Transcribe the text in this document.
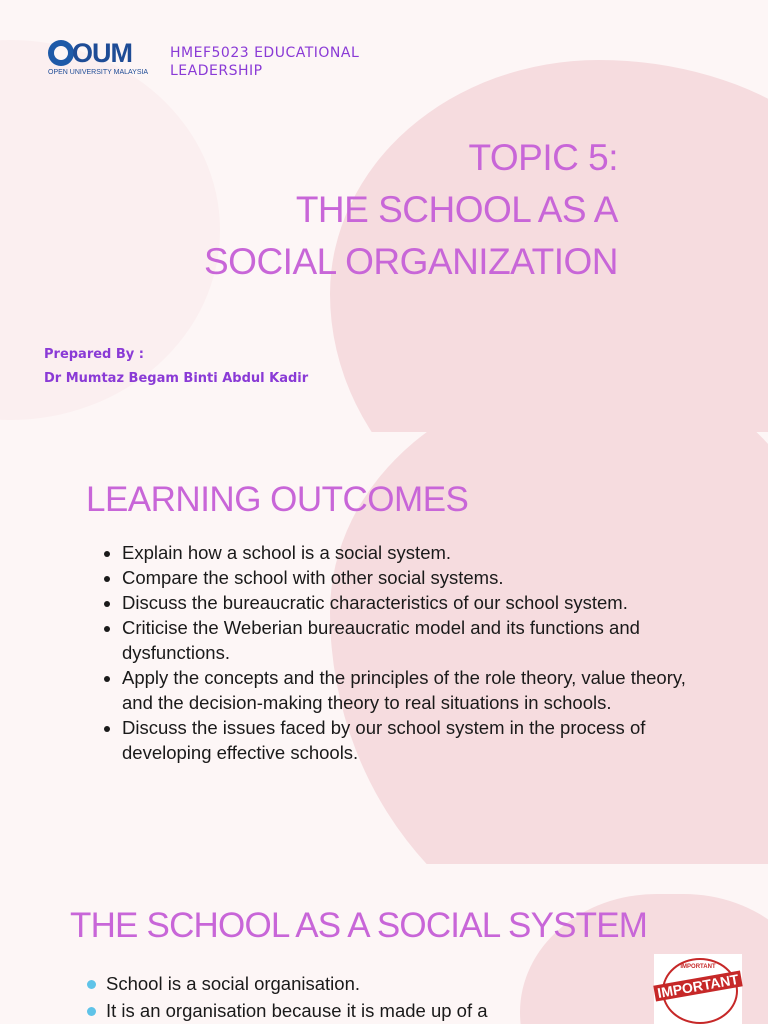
OUM
OPEN UNIVERSITY MALAYSIA
HMEF5023 EDUCATIONAL LEADERSHIP
TOPIC 5:
THE SCHOOL AS A
SOCIAL ORGANIZATION
Prepared By :
Dr Mumtaz Begam Binti Abdul Kadir
LEARNING OUTCOMES
• Explain how a school is a social system.
• Compare the school with other social systems.
• Discuss the bureaucratic characteristics of our school system.
• Criticise the Weberian bureaucratic model and its functions and dysfunctions.
• Apply the concepts and the principles of the role theory, value theory, and the decision-making theory to real situations in schools.
• Discuss the issues faced by our school system in the process of developing effective schools.
THE SCHOOL AS A SOCIAL SYSTEM
School is a social organisation.
It is an organisation because it is made up of a
IMPORTANT
IMPORTANT
